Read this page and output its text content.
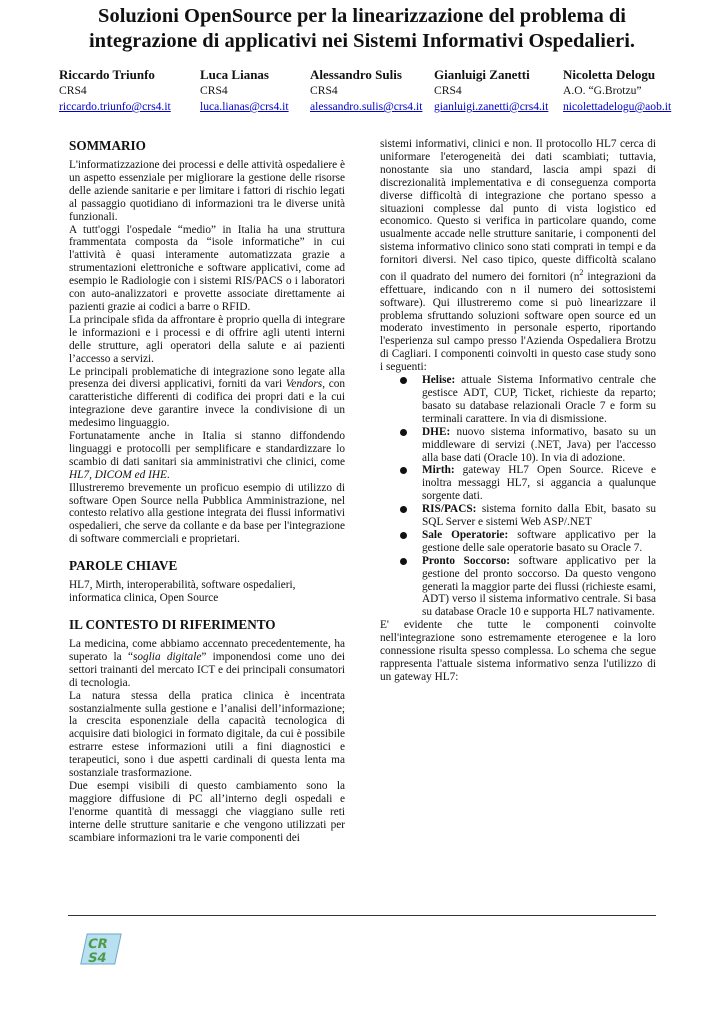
Soluzioni OpenSource per la linearizzazione del problema di
integrazione di applicativi nei Sistemi Informativi Ospedalieri.
Riccardo Triunfo
CRS4
riccardo.triunfo@crs4.it
Luca Lianas
CRS4
luca.lianas@crs4.it
Alessandro Sulis
CRS4
alessandro.sulis@crs4.it
Gianluigi Zanetti
CRS4
gianluigi.zanetti@crs4.it
Nicoletta Delogu
A.O. “G.Brotzu”
nicolettadelogu@aob.it
SOMMARIO

L'informatizzazione dei processi e delle attività ospedaliere è un aspetto essenziale per migliorare la gestione delle risorse delle aziende sanitarie e per limitare i fattori di rischio legati al passaggio quotidiano di informazioni tra le diverse unità funzionali.

A tutt'oggi l'ospedale “medio” in Italia ha una struttura frammentata composta da “isole informatiche” in cui l'attività è quasi interamente automatizzata grazie a strumentazioni elettroniche e software applicativi, come ad esempio le Radiologie con i sistemi RIS/PACS o i laboratori con auto-analizzatori e provette associate direttamente ai pazienti grazie ai codici a barre o RFID.

La principale sfida da affrontare è proprio quella di integrare le informazioni e i processi e di offrire agli utenti interni delle strutture, agli operatori della salute e ai pazienti l’accesso a servizi.

Le principali problematiche di integrazione sono legate alla presenza dei diversi applicativi, forniti da vari Vendors, con caratteristiche differenti di codifica dei propri dati e la cui integrazione deve garantire invece la condivisione di un medesimo linguaggio.

Fortunatamente anche in Italia si stanno diffondendo linguaggi e protocolli per semplificare e standardizzare lo scambio di dati sanitari sia amministrativi che clinici, come HL7, DICOM ed IHE.

Illustreremo brevemente un proficuo esempio di utilizzo di software Open Source nella Pubblica Amministrazione, nel contesto relativo alla gestione integrata dei flussi informativi ospedalieri, che serve da collante e da base per l'integrazione di software commerciali e proprietari.

PAROLE CHIAVE

HL7, Mirth, interoperabilità, software ospedalieri, informatica clinica, Open Source

IL CONTESTO DI RIFERIMENTO

La medicina, come abbiamo accennato precedentemente, ha superato la “soglia digitale” imponendosi come uno dei settori trainanti del mercato ICT e dei principali consumatori di tecnologia.

La natura stessa della pratica clinica è incentrata sostanzialmente sulla gestione e l’analisi dell’informazione; la crescita esponenziale della capacità tecnologica di acquisire dati biologici in formato digitale, da cui è possibile estrarre estese informazioni utili a fini diagnostici e terapeutici, sono i due aspetti cardinali di questa lenta ma sostanziale trasformazione.

Due esempi visibili di questo cambiamento sono la maggiore diffusione di PC all’interno degli ospedali e l'enorme quantità di messaggi che viaggiano sulle reti interne delle strutture sanitarie e che vengono utilizzati per scambiare informazioni tra le varie componenti dei

sistemi informativi, clinici e non. Il protocollo HL7 cerca di uniformare l'eterogeneità dei dati scambiati; tuttavia, nonostante sia uno standard, lascia ampi spazi di discrezionalità implementativa e di conseguenza comporta diverse difficoltà di integrazione che portano spesso a situazioni complesse dal punto di vista logistico ed economico. Questo si verifica in particolare quando, come usualmente accade nelle strutture sanitarie, i componenti del sistema informativo clinico sono stati comprati in tempi e da fornitori diversi. Nel caso tipico, queste difficoltà scalano con il quadrato del numero dei fornitori ($n^2$ integrazioni da effettuare, indicando con n il numero dei sottosistemi software). Qui illustreremo come si può linearizzare il problema sfruttando soluzioni software open source ed un moderato investimento in personale esperto, riportando l'esperienza sul campo presso l'Azienda Ospedaliera Brotzu di Cagliari. I componenti coinvolti in questo case study sono i seguenti:

Helise: attuale Sistema Informativo centrale che gestisce ADT, CUP, Ticket, richieste da reparto; basato su database relazionali Oracle 7 e form su terminali carattere. In via di dismissione.
DHE: nuovo sistema informativo, basato su un middleware di servizi (.NET, Java) per l'accesso alla base dati (Oracle 10). In via di adozione.
Mirth: gateway HL7 Open Source. Riceve e inoltra messaggi HL7, si aggancia a qualunque sorgente dati.
RIS/PACS: sistema fornito dalla Ebit, basato su SQL Server e sistemi Web ASP/.NET
Sale Operatorie: software applicativo per la gestione delle sale operatorie basato su Oracle 7.
Pronto Soccorso: software applicativo per la gestione del pronto soccorso. Da questo vengono generati la maggior parte dei flussi (richieste esami, ADT) verso il sistema informativo centrale. Si basa su database Oracle 10 e supporta HL7 nativamente.

E' evidente che tutte le componenti coinvolte nell'integrazione sono estremamente eterogenee e la loro connessione risulta spesso complessa. Lo schema che segue rappresenta l'attuale sistema informativo senza l'utilizzo di un gateway HL7:

CR
S4
